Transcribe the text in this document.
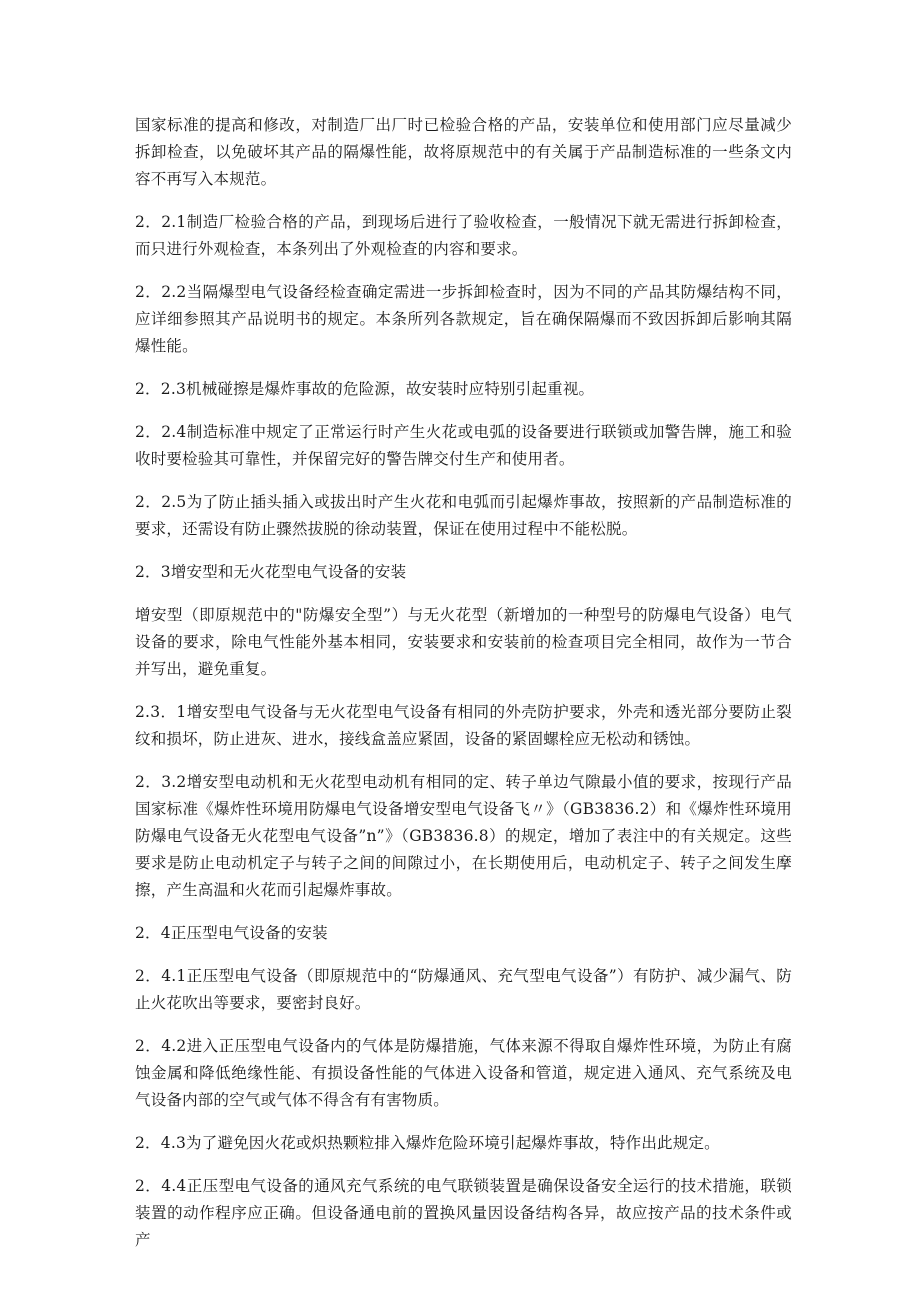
国家标准的提高和修改，对制造厂出厂时已检验合格的产品，安装单位和使用部门应尽量减少拆卸检查，以免破坏其产品的隔爆性能，故将原规范中的有关属于产品制造标准的一些条文内容不再写入本规范。

2．2.1制造厂检验合格的产品，到现场后进行了验收检查，一般情况下就无需进行拆卸检查，而只进行外观检查，本条列出了外观检查的内容和要求。

2．2.2当隔爆型电气设备经检查确定需进一步拆卸检查时，因为不同的产品其防爆结构不同，应详细参照其产品说明书的规定。本条所列各款规定，旨在确保隔爆而不致因拆卸后影响其隔爆性能。

2．2.3机械碰擦是爆炸事故的危险源，故安装时应特别引起重视。

2．2.4制造标准中规定了正常运行时产生火花或电弧的设备要进行联锁或加警告牌，施工和验收时要检验其可靠性，并保留完好的警告牌交付生产和使用者。

2．2.5为了防止插头插入或拔出时产生火花和电弧而引起爆炸事故，按照新的产品制造标准的要求，还需设有防止骤然拔脱的徐动装置，保证在使用过程中不能松脱。

2．3增安型和无火花型电气设备的安装

增安型（即原规范中的"防爆安全型”）与无火花型（新增加的一种型号的防爆电气设备）电气设备的要求，除电气性能外基本相同，安装要求和安装前的检查项目完全相同，故作为一节合并写出，避免重复。

2.3．1增安型电气设备与无火花型电气设备有相同的外壳防护要求，外壳和透光部分要防止裂纹和损坏，防止进灰、进水，接线盒盖应紧固，设备的紧固螺栓应无松动和锈蚀。

2．3.2增安型电动机和无火花型电动机有相同的定、转子单边气隙最小值的要求，按现行产品国家标准《爆炸性环境用防爆电气设备增安型电气设备飞〃》（GB3836.2）和《爆炸性环境用防爆电气设备无火花型电气设备”n”》（GB3836.8）的规定，增加了表注中的有关规定。这些要求是防止电动机定子与转子之间的间隙过小，在长期使用后，电动机定子、转子之间发生摩擦，产生高温和火花而引起爆炸事故。

2．4正压型电气设备的安装

2．4.1正压型电气设备（即原规范中的“防爆通风、充气型电气设备”）有防护、减少漏气、防止火花吹出等要求，要密封良好。

2．4.2进入正压型电气设备内的气体是防爆措施，气体来源不得取自爆炸性环境，为防止有腐蚀金属和降低绝缘性能、有损设备性能的气体进入设备和管道，规定进入通风、充气系统及电气设备内部的空气或气体不得含有有害物质。

2．4.3为了避免因火花或炽热颗粒排入爆炸危险环境引起爆炸事故，特作出此规定。

2．4.4正压型电气设备的通风充气系统的电气联锁装置是确保设备安全运行的技术措施，联锁装置的动作程序应正确。但设备通电前的置换风量因设备结构各异，故应按产品的技术条件或产
